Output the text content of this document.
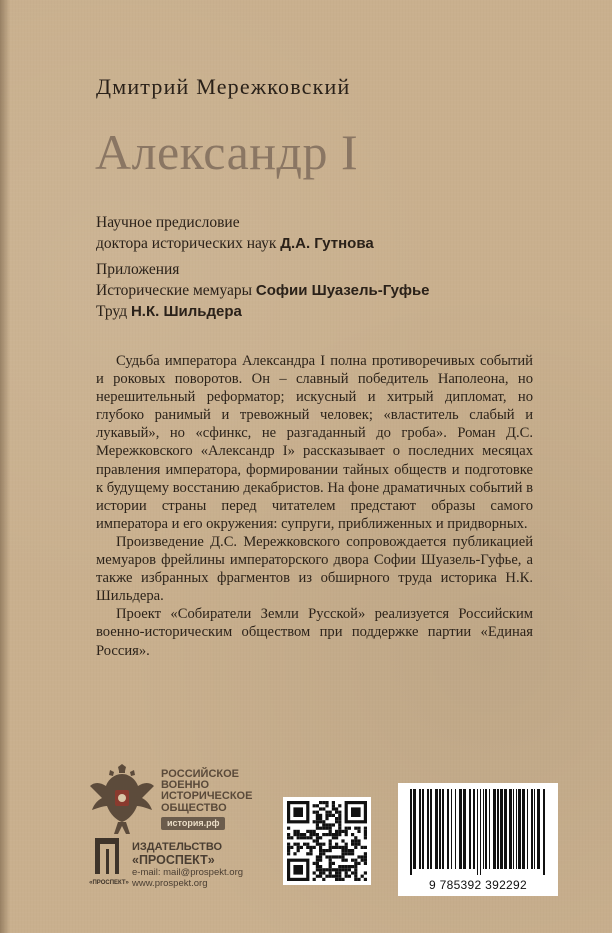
Дмитрий Мережковский
Александр I
Научное предисловие
доктора исторических наук Д.А. Гутнова
Приложения
Исторические мемуары Софии Шуазель-Гуфье
Труд Н.К. Шильдера

Судьба императора Александра I полна противоречивых событий и роковых поворотов. Он – славный победитель Наполеона, но нерешительный реформатор; искусный и хитрый дипломат, но глубоко ранимый и тревожный человек; «властитель слабый и лукавый», но «сфинкс, не разгаданный до гроба». Роман Д.С. Мережковского «Александр I» рассказывает о последних месяцах правления императора, формировании тайных обществ и подготовке к будущему восстанию декабристов. На фоне драматичных событий в истории страны перед читателем предстают образы самого императора и его окружения: супруги, приближенных и придворных.

Произведение Д.С. Мережковского сопровождается публикацией мемуаров фрейлины императорского двора Софии Шуазель-Гуфье, а также избранных фрагментов из обширного труда историка Н.К. Шильдера.

Проект «Собиратели Земли Русской» реализуется Российским военно-историческим обществом при поддержке партии «Единая Россия».

РОССИЙСКОЕ
ВОЕННО
ИСТОРИЧЕСКОЕ
ОБЩЕСТВО
история.рф
«ПРОСПЕКТ»
ИЗДАТЕЛЬСТВО
«ПРОСПЕКТ»
e-mail: mail@prospekt.org
www.prospekt.org	9 785392 392292
